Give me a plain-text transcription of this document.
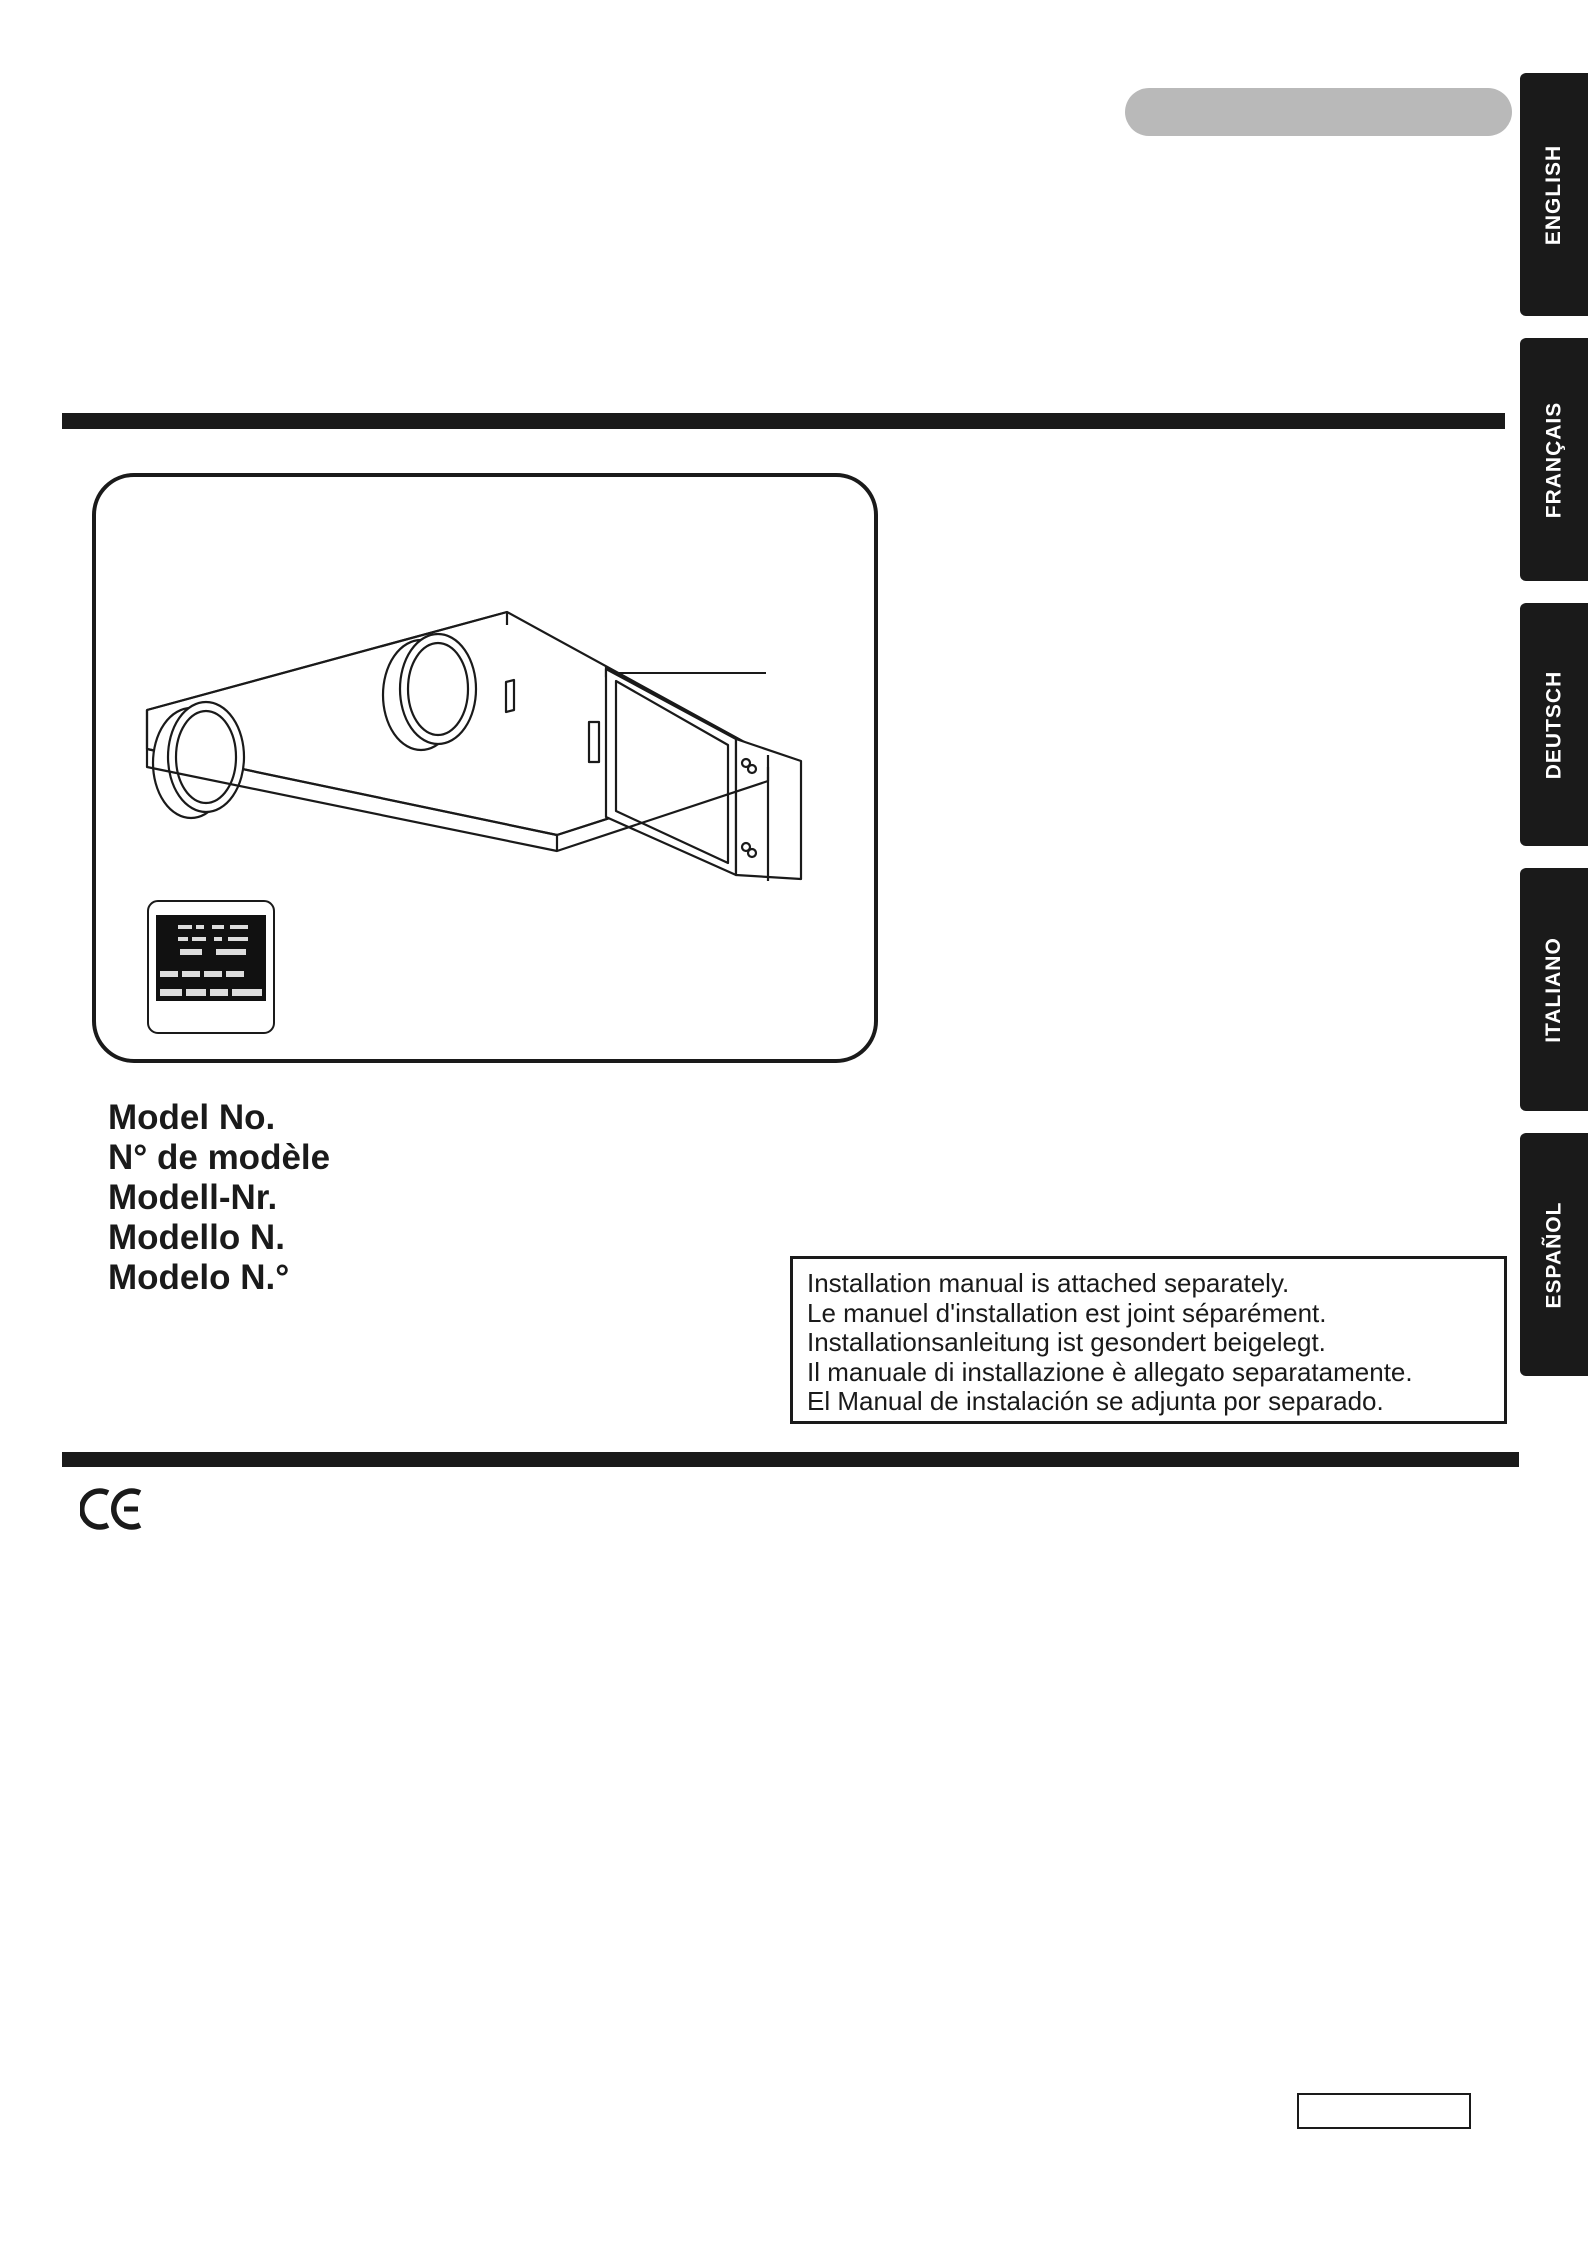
ENGLISH
FRANÇAIS
DEUTSCH
ITALIANO
ESPAÑOL

Model No.

N° de modèle

Modell-Nr.

Modello N.

Modelo N.°	Installation manual is attached separately.
Le manuel d'installation est joint séparément.
Installationsanleitung ist gesondert beigelegt.
Il manuale di installazione è allegato separatamente.
El Manual de instalación se adjunta por separado.
